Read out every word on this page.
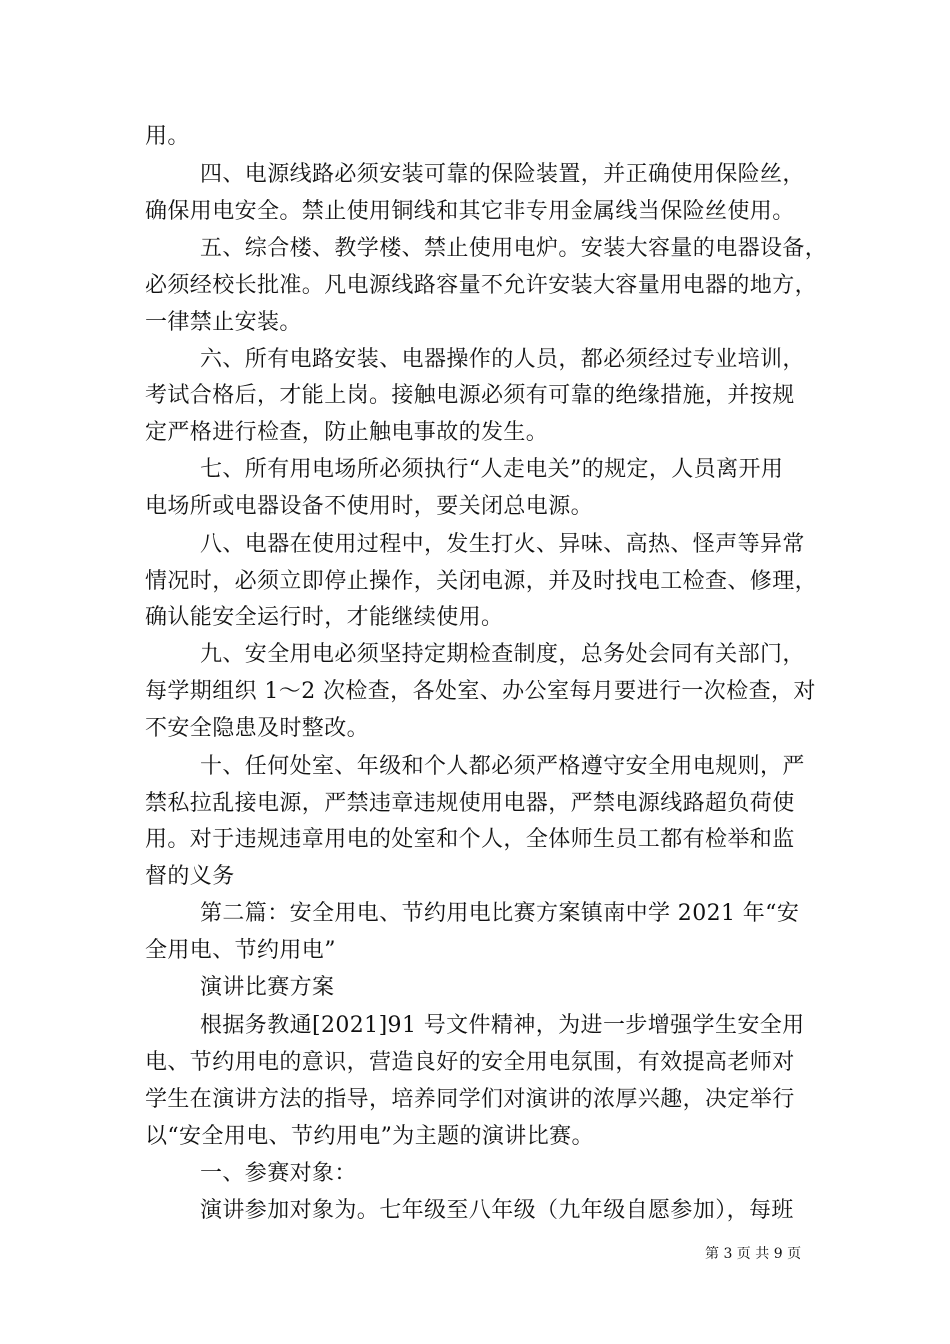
用。
四、电源线路必须安装可靠的保险装置，并正确使用保险丝，
确保用电安全。禁止使用铜线和其它非专用金属线当保险丝使用。
五、综合楼、教学楼、禁止使用电炉。安装大容量的电器设备，
必须经校长批准。凡电源线路容量不允许安装大容量用电器的地方，
一律禁止安装。
六、所有电路安装、电器操作的人员，都必须经过专业培训，
考试合格后，才能上岗。接触电源必须有可靠的绝缘措施，并按规
定严格进行检查，防止触电事故的发生。
七、所有用电场所必须执行“人走电关”的规定，人员离开用
电场所或电器设备不使用时，要关闭总电源。
八、电器在使用过程中，发生打火、异味、高热、怪声等异常
情况时，必须立即停止操作，关闭电源，并及时找电工检查、修理，
确认能安全运行时，才能继续使用。
九、安全用电必须坚持定期检查制度，总务处会同有关部门，
每学期组织 1～2 次检查，各处室、办公室每月要进行一次检查，对
不安全隐患及时整改。
十、任何处室、年级和个人都必须严格遵守安全用电规则，严
禁私拉乱接电源，严禁违章违规使用电器，严禁电源线路超负荷使
用。对于违规违章用电的处室和个人，全体师生员工都有检举和监
督的义务
第二篇：安全用电、节约用电比赛方案镇南中学 2021 年“安
全用电、节约用电”
演讲比赛方案
根据务教通[2021]91 号文件精神，为进一步增强学生安全用
电、节约用电的意识，营造良好的安全用电氛围，有效提高老师对
学生在演讲方法的指导，培养同学们对演讲的浓厚兴趣，决定举行
以“安全用电、节约用电”为主题的演讲比赛。
一、参赛对象：
演讲参加对象为。七年级至八年级（九年级自愿参加），每班
第 3 页 共 9 页
